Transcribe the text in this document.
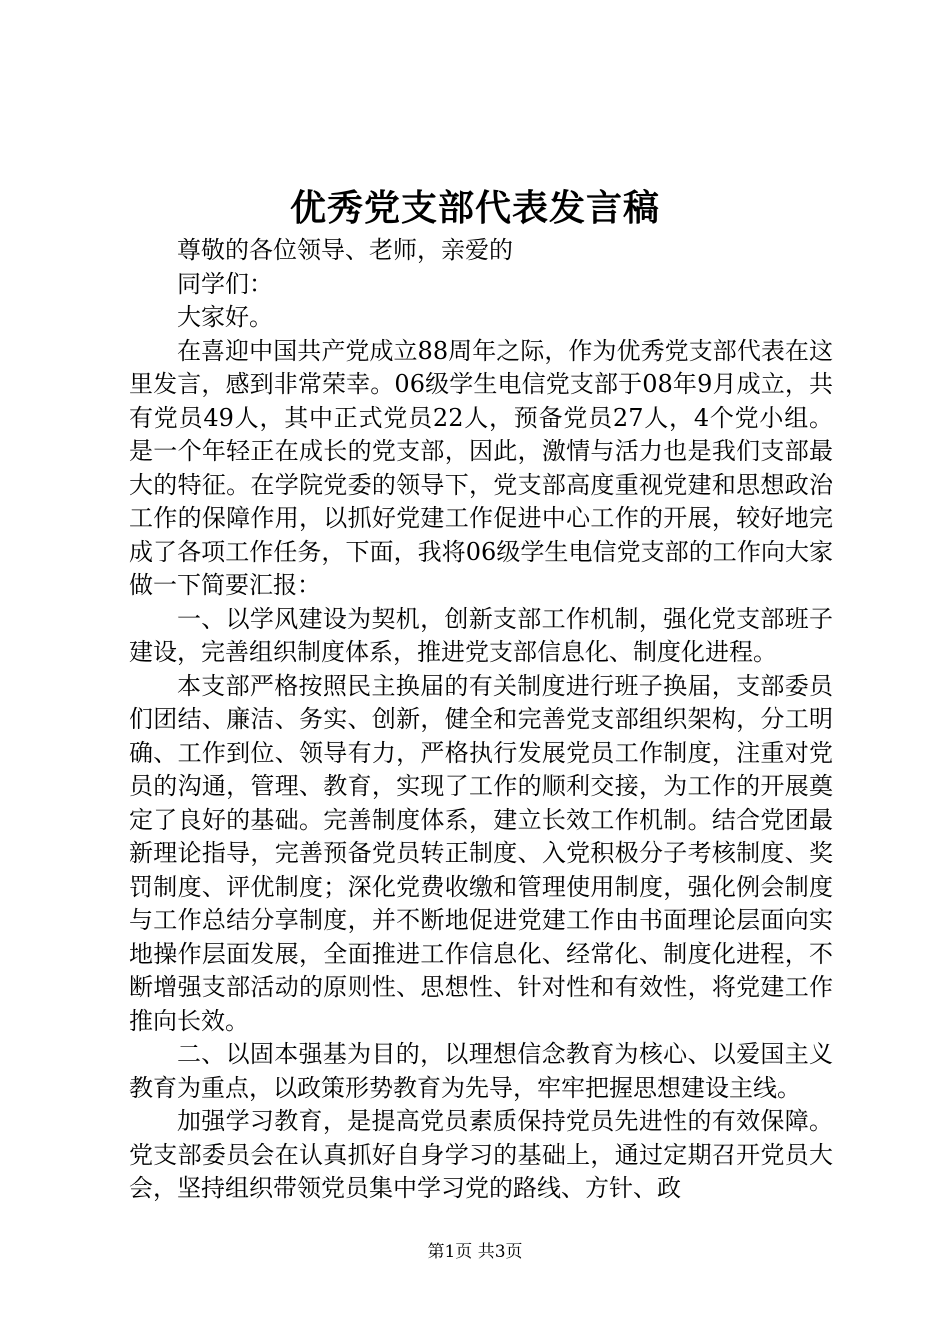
优秀党支部代表发言稿

尊敬的各位领导、老师，亲爱的

同学们：

大家好。

在喜迎中国共产党成立88周年之际，作为优秀党支部代表在这里发言，感到非常荣幸。06级学生电信党支部于08年9月成立，共有党员49人，其中正式党员22人，预备党员27人，4个党小组。是一个年轻正在成长的党支部，因此，激情与活力也是我们支部最大的特征。在学院党委的领导下，党支部高度重视党建和思想政治工作的保障作用，以抓好党建工作促进中心工作的开展，较好地完成了各项工作任务，下面，我将06级学生电信党支部的工作向大家做一下简要汇报：

一、以学风建设为契机，创新支部工作机制，强化党支部班子建设，完善组织制度体系，推进党支部信息化、制度化进程。

本支部严格按照民主换届的有关制度进行班子换届，支部委员们团结、廉洁、务实、创新，健全和完善党支部组织架构，分工明确、工作到位、领导有力，严格执行发展党员工作制度，注重对党员的沟通，管理、教育，实现了工作的顺利交接，为工作的开展奠定了良好的基础。完善制度体系，建立长效工作机制。结合党团最新理论指导，完善预备党员转正制度、入党积极分子考核制度、奖罚制度、评优制度；深化党费收缴和管理使用制度，强化例会制度与工作总结分享制度，并不断地促进党建工作由书面理论层面向实地操作层面发展，全面推进工作信息化、经常化、制度化进程，不断增强支部活动的原则性、思想性、针对性和有效性，将党建工作推向长效。

二、以固本强基为目的，以理想信念教育为核心、以爱国主义教育为重点，以政策形势教育为先导，牢牢把握思想建设主线。

加强学习教育，是提高党员素质保持党员先进性的有效保障。党支部委员会在认真抓好自身学习的基础上，通过定期召开党员大会，坚持组织带领党员集中学习党的路线、方针、政

第1页 共3页
